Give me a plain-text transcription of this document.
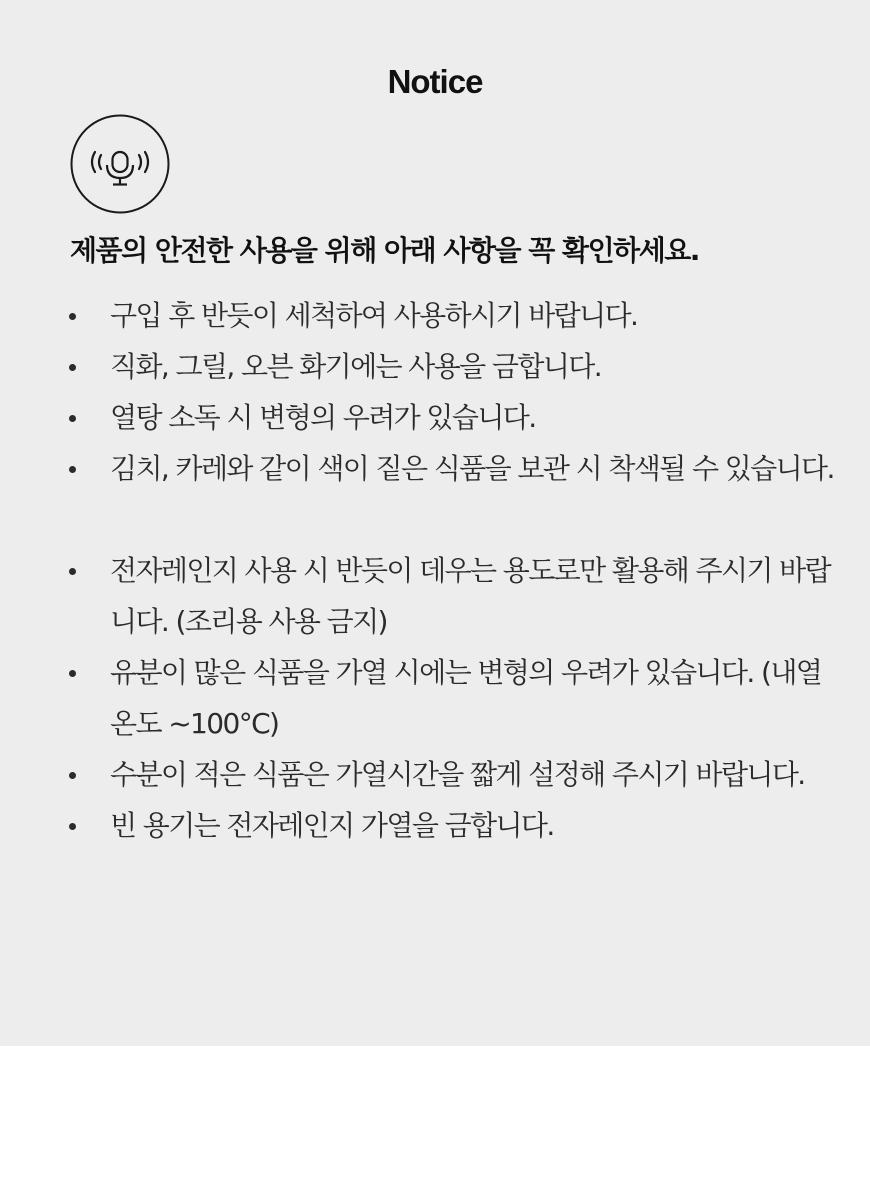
Notice
제품의 안전한 사용을 위해 아래 사항을 꼭 확인하세요.
구입 후 반듯이 세척하여 사용하시기 바랍니다.
직화, 그릴, 오븐 화기에는 사용을 금합니다.
열탕 소독 시 변형의 우려가 있습니다.
김치, 카레와 같이 색이 짙은 식품을 보관 시 착색될 수 있습니다.
전자레인지 사용 시 반듯이 데우는 용도로만 활용해 주시기 바랍니다. (조리용 사용 금지)
유분이 많은 식품을 가열 시에는 변형의 우려가 있습니다. (내열온도 ~100°C)
수분이 적은 식품은 가열시간을 짧게 설정해 주시기 바랍니다.
빈 용기는 전자레인지 가열을 금합니다.
